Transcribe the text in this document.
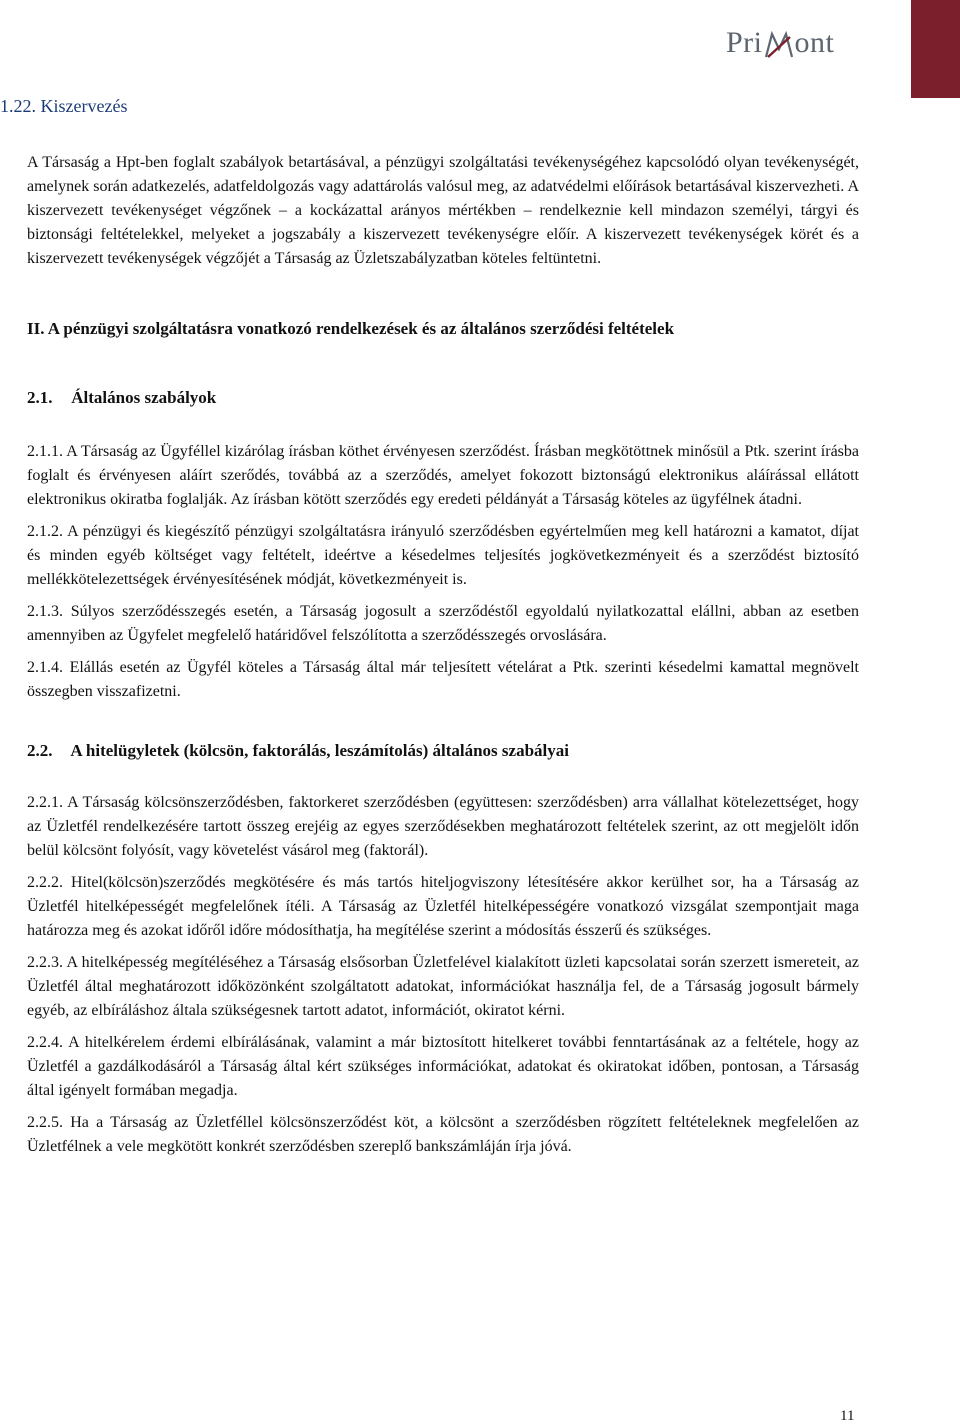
Pri ont
1.22. Kiszervezés

A Társaság a Hpt-ben foglalt szabályok betartásával, a pénzügyi szolgáltatási tevékenységéhez kapcsolódó olyan tevékenységét, amelynek során adatkezelés, adatfeldolgozás vagy adattárolás valósul meg, az adatvédelmi előírások betartásával kiszervezheti. A kiszervezett tevékenységet végzőnek – a kockázattal arányos mértékben – rendelkeznie kell mindazon személyi, tárgyi és biztonsági feltételekkel, melyeket a jogszabály a kiszervezett tevékenységre előír. A kiszervezett tevékenységek körét és a kiszervezett tevékenységek végzőjét a Társaság az Üzletszabályzatban köteles feltüntetni.

II. A pénzügyi szolgáltatásra vonatkozó rendelkezések és az általános szerződési feltételek
2.1. Általános szabályok

2.1.1. A Társaság az Ügyféllel kizárólag írásban köthet érvényesen szerződést. Írásban megkötöttnek minősül a Ptk. szerint írásba foglalt és érvényesen aláírt szerődés, továbbá az a szerződés, amelyet fokozott biztonságú elektronikus aláírással ellátott elektronikus okiratba foglalják. Az írásban kötött szerződés egy eredeti példányát a Társaság köteles az ügyfélnek átadni.

2.1.2. A pénzügyi és kiegészítő pénzügyi szolgáltatásra irányuló szerződésben egyértelműen meg kell határozni a kamatot, díjat és minden egyéb költséget vagy feltételt, ideértve a késedelmes teljesítés jogkövetkezményeit és a szerződést biztosító mellékkötelezettségek érvényesítésének módját, következményeit is.

2.1.3. Súlyos szerződésszegés esetén, a Társaság jogosult a szerződéstől egyoldalú nyilatkozattal elállni, abban az esetben amennyiben az Ügyfelet megfelelő határidővel felszólította a szerződésszegés orvoslására.

2.1.4. Elállás esetén az Ügyfél köteles a Társaság által már teljesített vételárat a Ptk. szerinti késedelmi kamattal megnövelt összegben visszafizetni.

2.2. A hitelügyletek (kölcsön, faktorálás, leszámítolás) általános szabályai

2.2.1. A Társaság kölcsönszerződésben, faktorkeret szerződésben (együttesen: szerződésben) arra vállalhat kötelezettséget, hogy az Üzletfél rendelkezésére tartott összeg erejéig az egyes szerződésekben meghatározott feltételek szerint, az ott megjelölt időn belül kölcsönt folyósít, vagy követelést vásárol meg (faktorál).

2.2.2. Hitel(kölcsön)szerződés megkötésére és más tartós hiteljogviszony létesítésére akkor kerülhet sor, ha a Társaság az Üzletfél hitelképességét megfelelőnek ítéli. A Társaság az Üzletfél hitelképességére vonatkozó vizsgálat szempontjait maga határozza meg és azokat időről időre módosíthatja, ha megítélése szerint a módosítás ésszerű és szükséges.

2.2.3. A hitelképesség megítéléséhez a Társaság elsősorban Üzletfelével kialakított üzleti kapcsolatai során szerzett ismereteit, az Üzletfél által meghatározott időközönként szolgáltatott adatokat, információkat használja fel, de a Társaság jogosult bármely egyéb, az elbíráláshoz általa szükségesnek tartott adatot, információt, okiratot kérni.

2.2.4. A hitelkérelem érdemi elbírálásának, valamint a már biztosított hitelkeret további fenntartásának az a feltétele, hogy az Üzletfél a gazdálkodásáról a Társaság által kért szükséges információkat, adatokat és okiratokat időben, pontosan, a Társaság által igényelt formában megadja.

2.2.5. Ha a Társaság az Üzletféllel kölcsönszerződést köt, a kölcsönt a szerződésben rögzített feltételeknek megfelelően az Üzletfélnek a vele megkötött konkrét szerződésben szereplő bankszámláján írja jóvá.

11
